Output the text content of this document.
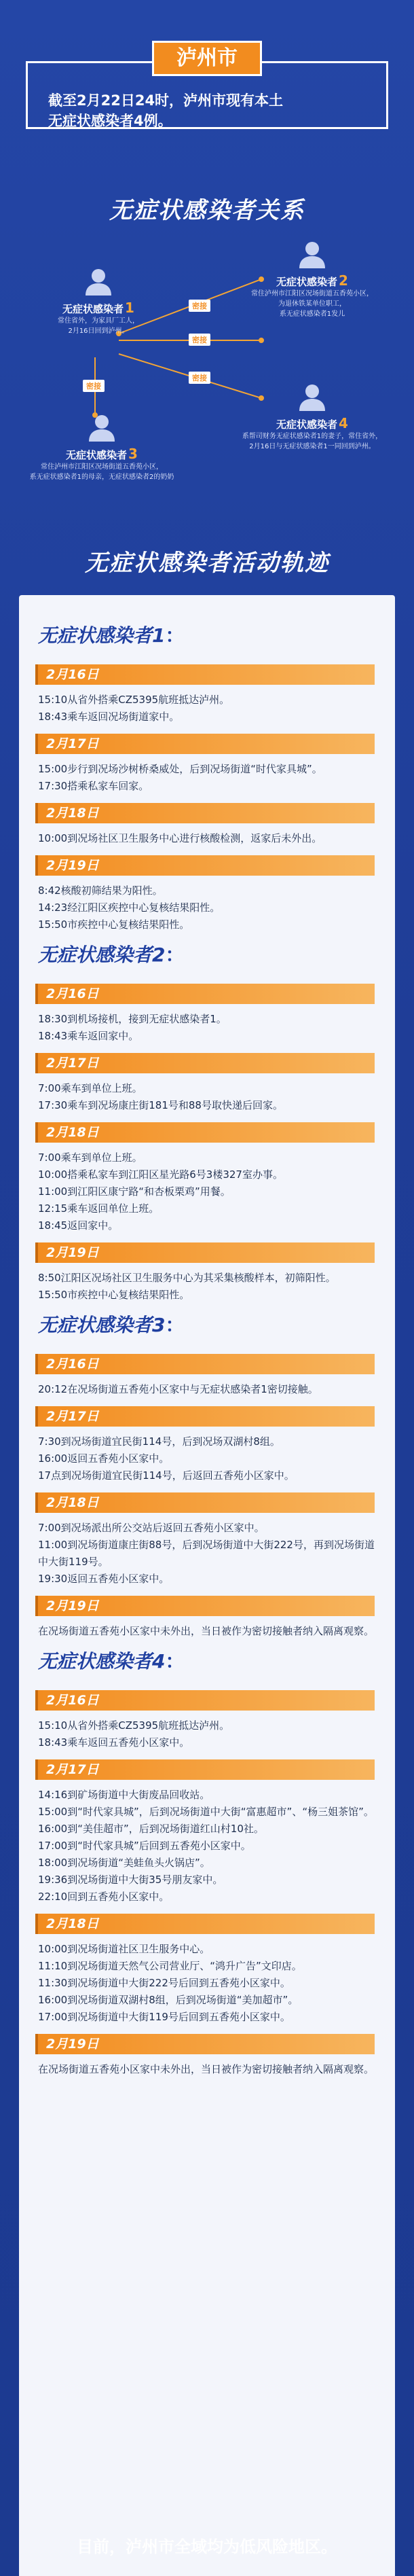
泸州市
截至2月22日24时，泸州市现有本土
无症状感染者4例。
无症状感染者关系
无症状感染者 1
常住省外，为家具厂工人，
2月16日回到泸州。
无症状感染者 2
常住泸州市江阳区况场街道五香苑小区，
为退休铁某单位职工，
系无症状感染者1发儿
无症状感染者 3
常住泸州市江阳区况场街道五香苑小区，
系无症状感染者1的母亲，无症状感染者2的奶奶
无症状感染者 4
系帮司财务无症状感染者1的妻子，常住省外，
2月16日与无症状感染者1一同回到泸州。
密接
密接
密接
密接
无症状感染者活动轨迹
无症状感染者1：
2月16日
15:10从省外搭乘CZ5395航班抵达泸州。
18:43乘车返回况场街道家中。
2月17日
15:00步行到况场沙树桥桑威处，后到况场街道“时代家具城”。
17:30搭乘私家车回家。
2月18日
10:00到况场社区卫生服务中心进行核酸检测，返家后未外出。
2月19日
8:42核酸初筛结果为阳性。
14:23经江阳区疾控中心复核结果阳性。
15:50市疾控中心复核结果阳性。
无症状感染者2：
2月16日
18:30到机场接机，接到无症状感染者1。
18:43乘车返回家中。
2月17日
7:00乘车到单位上班。
17:30乘车到况场康庄街181号和88号取快递后回家。
2月18日
7:00乘车到单位上班。
10:00搭乘私家车到江阳区星光路6号3楼327室办事。
11:00到江阳区康宁路“和杏板栗鸡”用餐。
12:15乘车返回单位上班。
18:45返回家中。
2月19日
8:50江阳区况场社区卫生服务中心为其采集核酸样本，初筛阳性。
15:50市疾控中心复核结果阳性。
无症状感染者3：
2月16日
20:12在况场街道五香苑小区家中与无症状感染者1密切接触。
2月17日
7:30到况场街道宜民街114号，后到况场双湖村8组。
16:00返回五香苑小区家中。
17点到况场街道宜民街114号，后返回五香苑小区家中。
2月18日
7:00到况场派出所公交站后返回五香苑小区家中。
11:00到况场街道康庄街88号，后到况场街道中大街222号，再到况场街道中大街119号。
19:30返回五香苑小区家中。
2月19日
在况场街道五香苑小区家中未外出，当日被作为密切接触者纳入隔离观察。
无症状感染者4：
2月16日
15:10从省外搭乘CZ5395航班抵达泸州。
18:43乘车返回五香苑小区家中。
2月17日
14:16到矿场街道中大街废品回收站。
15:00到“时代家具城”，后到况场街道中大街“富惠超市”、“杨三姐茶馆”。
16:00到“美佳超市”，后到况场街道红山村10社。
17:00到“时代家具城”后回到五香苑小区家中。
18:00到况场街道“美蛙鱼头火锅店”。
19:36到况场街道中大街35号朋友家中。
22:10回到五香苑小区家中。
2月18日
10:00到况场街道社区卫生服务中心。
11:10到况场街道天然气公司营业厅、“鸿升广告”文印店。
11:30到况场街道中大街222号后回到五香苑小区家中。
16:00到况场街道双湖村8组，后到况场街道“美加超市”。
17:00到况场街道中大街119号后回到五香苑小区家中。
2月19日
在况场街道五香苑小区家中未外出，当日被作为密切接触者纳入隔离观察。
目前，泸州市全域均为低风险地区。
